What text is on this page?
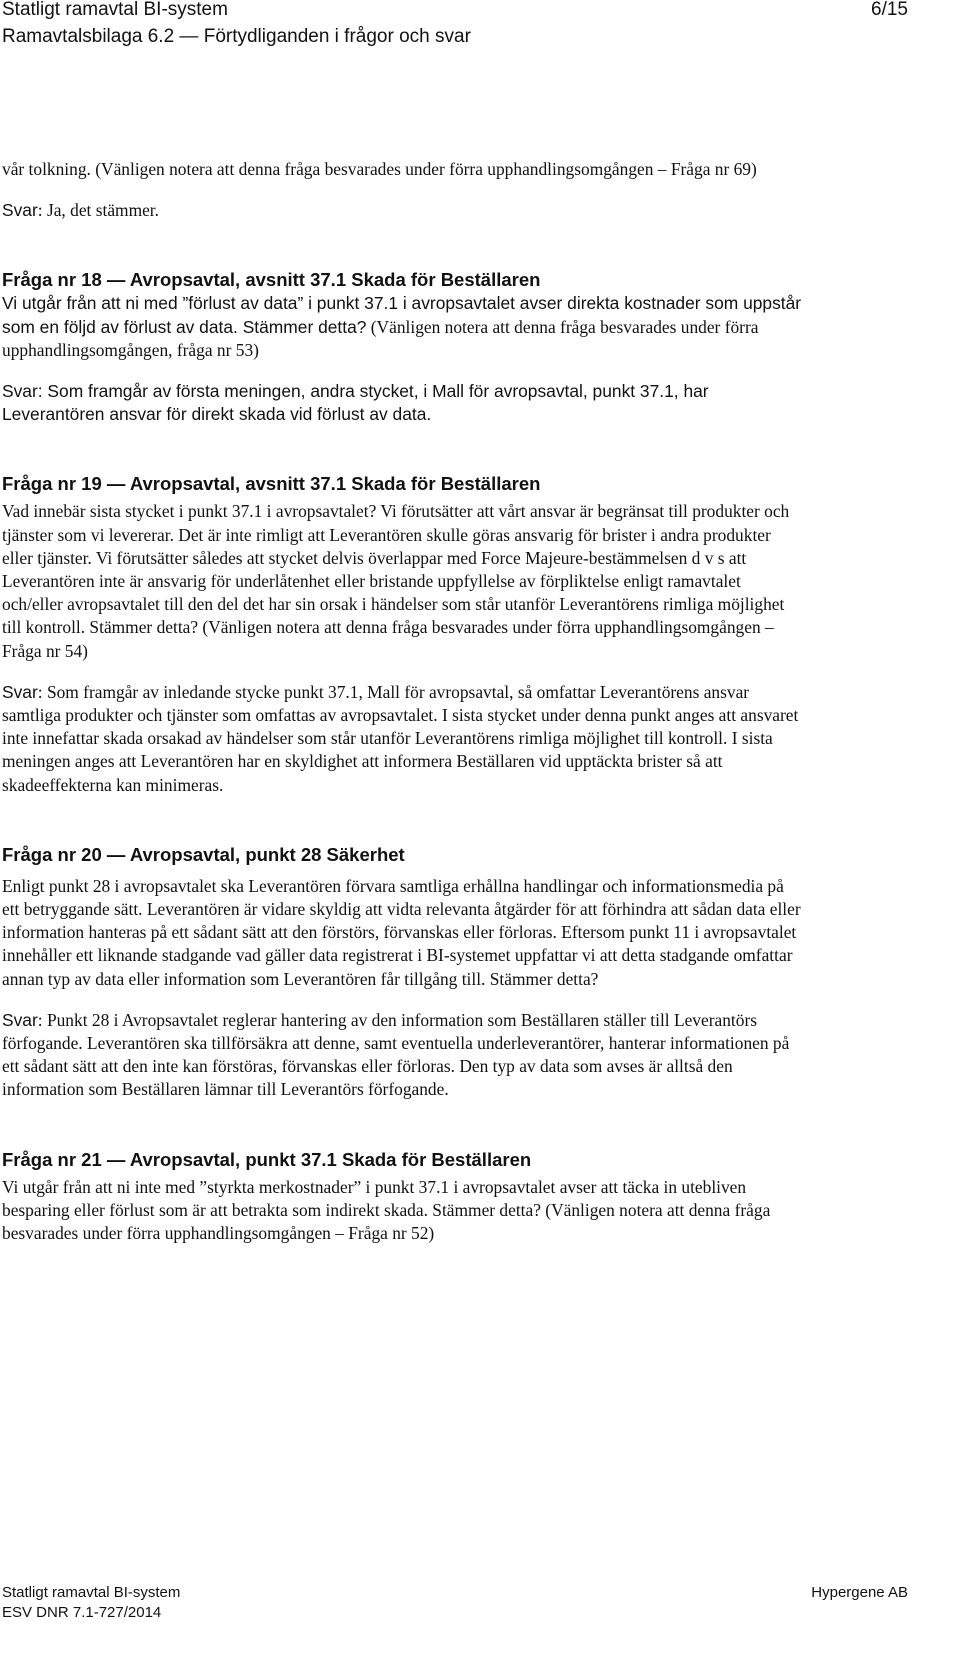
Statligt ramavtal BI-system	6/15
Ramavtalsbilaga 6.2 — Förtydliganden i frågor och svar

vår tolkning. (Vänligen notera att denna fråga besvarades under förra upphandlingsomgången – Fråga nr 69)

Svar: Ja, det stämmer.

Fråga nr 18 — Avropsavtal, avsnitt 37.1 Skada för Beställaren

Vi utgår från att ni med ”förlust av data” i punkt 37.1 i avropsavtalet avser direkta kostnader som uppstår som en följd av förlust av data. Stämmer detta? (Vänligen notera att denna fråga besvarades under förra upphandlingsomgången, fråga nr 53)

Svar: Som framgår av första meningen, andra stycket, i Mall för avropsavtal, punkt 37.1, har Leverantören ansvar för direkt skada vid förlust av data.

Fråga nr 19 — Avropsavtal, avsnitt 37.1 Skada för Beställaren

Vad innebär sista stycket i punkt 37.1 i avropsavtalet? Vi förutsätter att vårt ansvar är begränsat till produkter och tjänster som vi levererar. Det är inte rimligt att Leverantören skulle göras ansvarig för brister i andra produkter eller tjänster. Vi förutsätter således att stycket delvis överlappar med Force Majeure-bestämmelsen d v s att Leverantören inte är ansvarig för underlåtenhet eller bristande uppfyllelse av förpliktelse enligt ramavtalet och/eller avropsavtalet till den del det har sin orsak i händelser som står utanför Leverantörens rimliga möjlighet till kontroll. Stämmer detta? (Vänligen notera att denna fråga besvarades under förra upphandlingsomgången – Fråga nr 54)

Svar: Som framgår av inledande stycke punkt 37.1, Mall för avropsavtal, så omfattar Leverantörens ansvar samtliga produkter och tjänster som omfattas av avropsavtalet. I sista stycket under denna punkt anges att ansvaret inte innefattar skada orsakad av händelser som står utanför Leverantörens rimliga möjlighet till kontroll. I sista meningen anges att Leverantören har en skyldighet att informera Beställaren vid upptäckta brister så att skadeeffekterna kan minimeras.

Fråga nr 20 — Avropsavtal, punkt 28 Säkerhet

Enligt punkt 28 i avropsavtalet ska Leverantören förvara samtliga erhållna handlingar och informationsmedia på ett betryggande sätt. Leverantören är vidare skyldig att vidta relevanta åtgärder för att förhindra att sådan data eller information hanteras på ett sådant sätt att den förstörs, förvanskas eller förloras. Eftersom punkt 11 i avropsavtalet innehåller ett liknande stadgande vad gäller data registrerat i BI-systemet uppfattar vi att detta stadgande omfattar annan typ av data eller information som Leverantören får tillgång till. Stämmer detta?

Svar: Punkt 28 i Avropsavtalet reglerar hantering av den information som Beställaren ställer till Leverantörs förfogande. Leverantören ska tillförsäkra att denne, samt eventuella underleverantörer, hanterar informationen på ett sådant sätt att den inte kan förstöras, förvanskas eller förloras. Den typ av data som avses är alltså den information som Beställaren lämnar till Leverantörs förfogande.

Fråga nr 21 — Avropsavtal, punkt 37.1 Skada för Beställaren

Vi utgår från att ni inte med ”styrkta merkostnader” i punkt 37.1 i avropsavtalet avser att täcka in utebliven besparing eller förlust som är att betrakta som indirekt skada. Stämmer detta? (Vänligen notera att denna fråga besvarades under förra upphandlingsomgången – Fråga nr 52)

Statligt ramavtal BI-system
ESV DNR 7.1-727/2014
Hypergene AB
